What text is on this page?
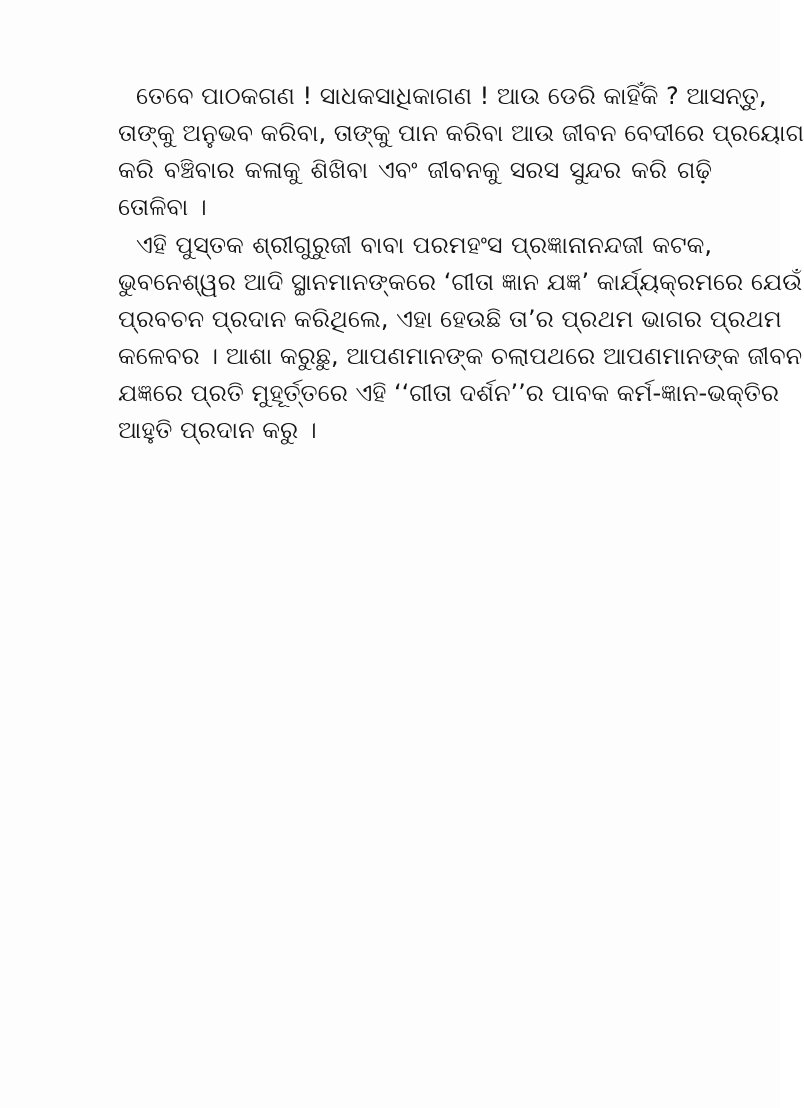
ତେବେ ପାଠକଗଣ ! ସାଧକସାଧିକାଗଣ ! ଆଉ ଡେରି କାହିଁକି ? ଆସନ୍ତୁ,
ତାଙ୍କୁ ଅନୁଭବ କରିବା, ତାଙ୍କୁ ପାନ କରିବା ଆଉ ଜୀବନ ବେଦୀରେ ପ୍ରୟୋଗ
କରି ବଞ୍ଚିବାର କଳାକୁ ଶିଖିବା ଏବଂ ଜୀବନକୁ ସରସ ସୁନ୍ଦର କରି ଗଢ଼ି
ତୋଳିବା ।

ଏହି ପୁସ୍ତକ ଶ୍ରୀଗୁରୁଜୀ ବାବା ପରମହଂସ ପ୍ରଜ୍ଞାନାନନ୍ଦଜୀ କଟକ,
ଭୁବନେଶ୍ୱର ଆଦି ସ୍ଥାନମାନଙ୍କରେ ‘ଗୀତା ଜ୍ଞାନ ଯଜ୍ଞ’ କାର୍ଯ୍ୟକ୍ରମରେ ଯେଉଁ
ପ୍ରବଚନ ପ୍ରଦାନ କରିଥିଲେ, ଏହା ହେଉଛି ତା’ର ପ୍ରଥମ ଭାଗର ପ୍ରଥମ
କଳେବର । ଆଶା କରୁଛୁ, ଆପଣମାନଙ୍କ ଚଲାପଥରେ ଆପଣମାନଙ୍କ ଜୀବନ
ଯଜ୍ଞରେ ପ୍ରତି ମୁହୂର୍ତ୍ତରେ ଏହି ‘‘ଗୀତା ଦର୍ଶନ’’ର ପାବକ କର୍ମ-ଜ୍ଞାନ-ଭକ୍ତିର
ଆହୁତି ପ୍ରଦାନ କରୁ ।
